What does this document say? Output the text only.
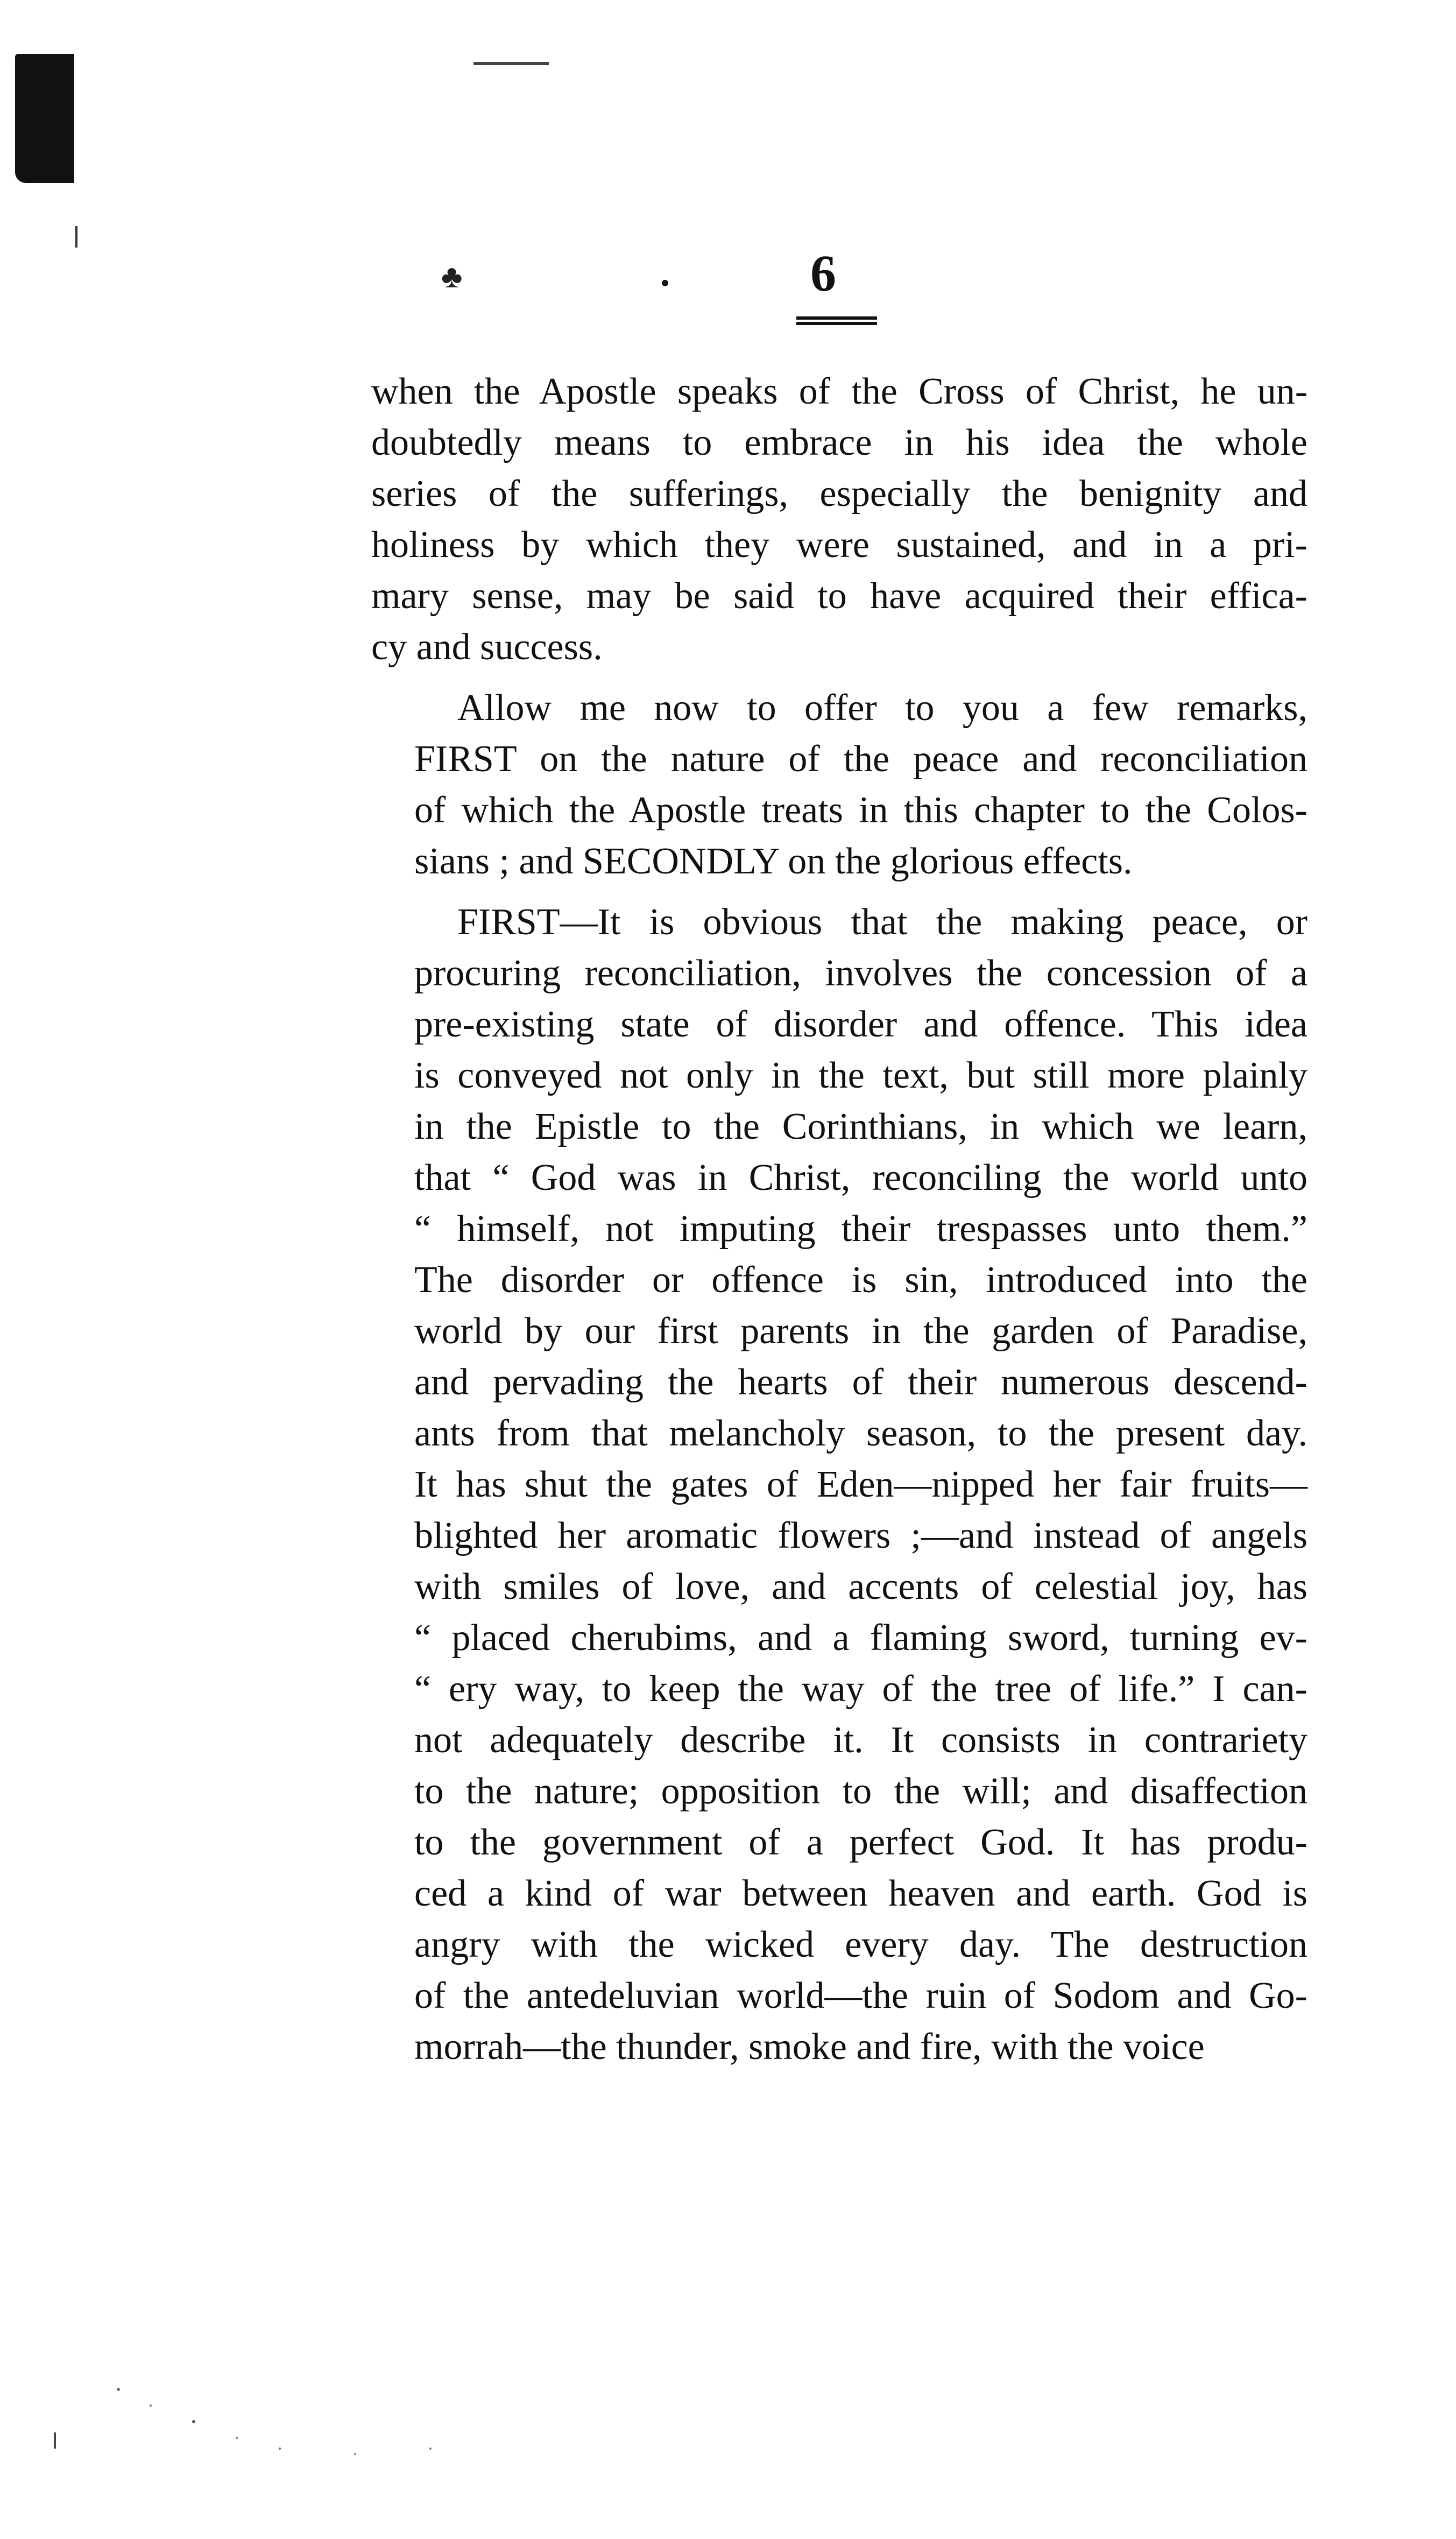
♣	6
when the Apostle speaks of the Cross of Christ, he un-
doubtedly means to embrace in his idea the whole
series of the sufferings, especially the benignity and
holiness by which they were sustained, and in a pri-
mary sense, may be said to have acquired their effica-
cy and success.
Allow me now to offer to you a few remarks,
FIRST on the nature of the peace and reconciliation
of which the Apostle treats in this chapter to the Colos-
sians ; and SECONDLY on the glorious effects.
FIRST—It is obvious that the making peace, or
procuring reconciliation, involves the concession of a
pre-existing state of disorder and offence. This idea
is conveyed not only in the text, but still more plainly
in the Epistle to the Corinthians, in which we learn,
that “ God was in Christ, reconciling the world unto
“ himself, not imputing their trespasses unto them.”
The disorder or offence is sin, introduced into the
world by our first parents in the garden of Paradise,
and pervading the hearts of their numerous descend-
ants from that melancholy season, to the present day.
It has shut the gates of Eden—nipped her fair fruits—
blighted her aromatic flowers ;—and instead of angels
with smiles of love, and accents of celestial joy, has
“ placed cherubims, and a flaming sword, turning ev-
“ ery way, to keep the way of the tree of life.” I can-
not adequately describe it. It consists in contrariety
to the nature; opposition to the will; and disaffection
to the government of a perfect God. It has produ-
ced a kind of war between heaven and earth. God is
angry with the wicked every day. The destruction
of the antedeluvian world—the ruin of Sodom and Go-
morrah—the thunder, smoke and fire, with the voice
